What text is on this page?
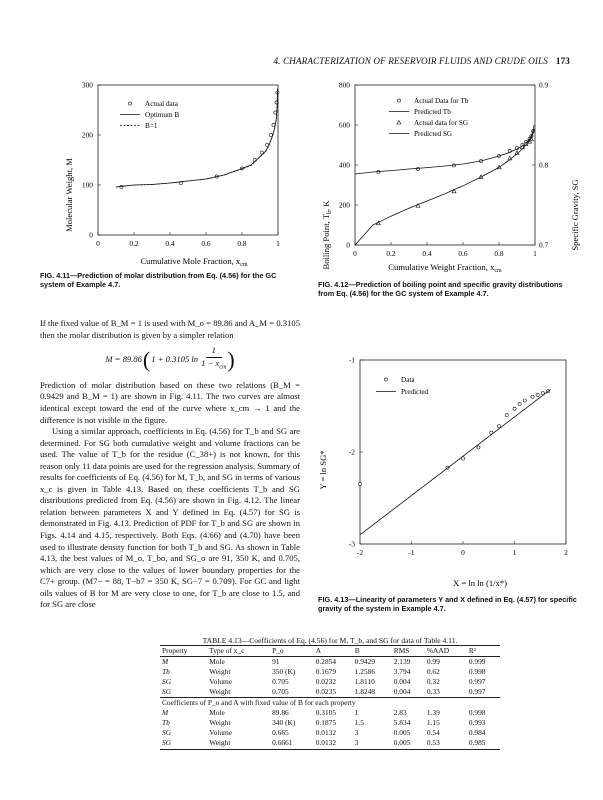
4. CHARACTERIZATION OF RESERVOIR FLUIDS AND CRUDE OILS 173
0	0.2	0.4	0.6	0.8	1
0
100
200
300
Actual data
Optimum B
B=1
Molecular Weight, M
Cumulative Mole Fraction, $x_{cm}$
FIG. 4.11—Prediction of molar distribution from Eq. (4.56) for the GC system of Example 4.7.
0	0.2	0.4	0.6	0.8	1
0
200
400
600
800
0.7
0.8
0.9
Actual Data for Tb
Predicted Tb
Actual data for SG
Predicted SG
Boiling Point, $T_b$, K	Specific Gravity, SG
Cumulative Weight Fraction, $x_{cm}$
FIG. 4.12—Prediction of boiling point and specific gravity distributions from Eq. (4.56) for the GC system of Example 4.7.

If the fixed value of B_M = 1 is used with M_o = 89.86 and A_M = 0.3105 then the molar distribution is given by a simpler relation

M = 89.86 ( 1 + 0.3105 ln
1
$1 - x_{cm}$ )

Prediction of molar distribution based on these two relations (B_M = 0.9429 and B_M = 1) are shown in Fig. 4.11. The two curves are almost identical except toward the end of the curve where x_cm → 1 and the difference is not visible in the figure.

Using a similar approach, coefficients in Eq. (4.56) for T_b and SG are determined. For SG both cumulative weight and volume fractions can be used. The value of T_b for the residue (C_38+) is not known, for this reason only 11 data points are used for the regression analysis. Summary of results for coefficients of Eq. (4.56) for M, T_b, and SG in terms of various x_c is given in Table 4.13. Based on these coefficients T_b and SG distributions predicted from Eq. (4.56) are shown in Fig. 4.12. The linear relation between parameters X and Y defined in Eq. (4.57) for SG is demonstrated in Fig. 4.13. Prediction of PDF for T_b and SG are shown in Figs. 4.14 and 4.15, respectively. Both Eqs. (4.66) and (4.70) have been used to illustrate density function for both T_b and SG. As shown in Table 4.13, the best values of M_o, T_bo, and SG_o are 91, 350 K, and 0.705, which are very close to the values of lower boundary properties for the C7+ group. (M7− = 88, T−b7 = 350 K, SG−7 = 0.709). For GC and light oils values of B for M are very close to one, for T_b are close to 1.5, and for SG are close

-2	-1	0	1	2
-3
-2
-1
Data
Predicted
Y = ln SG*
X = ln ln (1/x*)
FIG. 4.13—Linearity of parameters Y and X defined in Eq. (4.57) for specific gravity of the system in Example 4.7.
TABLE 4.13—Coefficients of Eq. (4.56) for M, T_b, and SG for data of Table 4.11.
Property	Type of x_c	P_o	A	B	RMS	%AAD	R²
M	Mole	91	0.2854	0.9429	2.139	0.99	0.999
Tb	Weight	350 (K)	0.1679	1.2586	3.794	0.62	0.998
SG	Volume	0.705	0.0232	1.8110	0.004	0.32	0.997
SG	Weight	0.705	0.0235	1.8248	0.004	0.33	0.997
Coefficients of P_o and A with fixed value of B for each property							
M	Mole	89.86	0.3105	1	2.83	1.39	0.998
Tb	Weight	340 (K)	0.1875	1.5	5.834	1.15	0.993
SG	Volume	0.665	0.0132	3	0.005	0.54	0.984
SG	Weight	0.6661	0.0132	3	0.005	0.53	0.985
